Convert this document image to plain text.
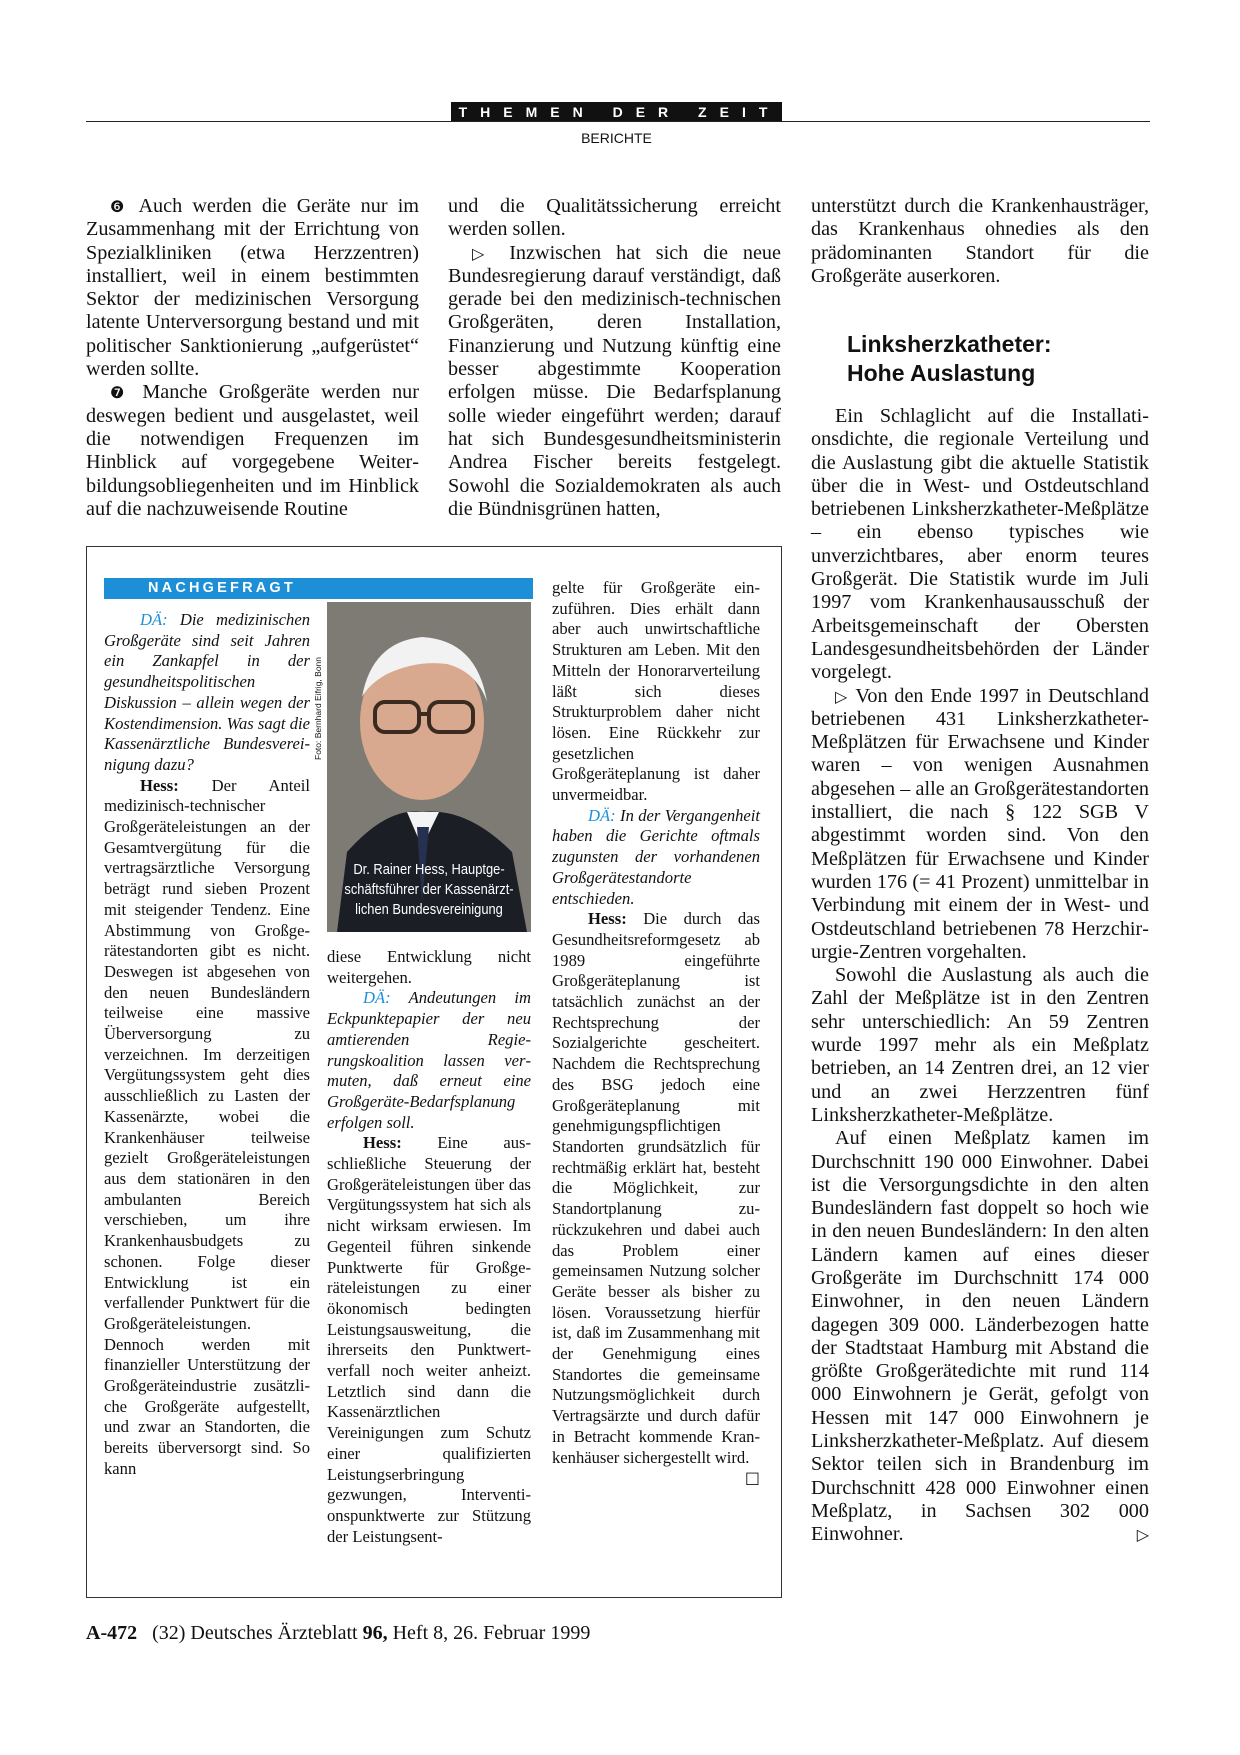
THEMEN DER ZEIT
BERICHTE

❻ Auch werden die Geräte nur im Zusammenhang mit der Errichtung von Spezialkliniken (etwa Herzzentren) installiert, weil in einem bestimmten Sektor der medizinischen Versorgung latente Unterversorgung bestand und mit politischer Sanktionierung „aufgerüstet“ werden sollte.

❼ Manche Großgeräte werden nur deswegen bedient und ausgelastet, weil die notwendigen Frequenzen im Hinblick auf vorgegebene Weiterbildungsobliegenheiten und im Hinblick auf die nachzuweisende Routine

und die Qualitätssicherung erreicht werden sollen.

▷ Inzwischen hat sich die neue Bundesregierung darauf verständigt, daß gerade bei den medizinisch-technischen Großgeräten, deren Installation, Finanzierung und Nutzung künftig eine besser abgestimmte Kooperation erfolgen müsse. Die Bedarfsplanung solle wieder eingeführt werden; darauf hat sich Bundesgesundheitsministerin Andrea Fischer bereits festgelegt. Sowohl die Sozialdemokraten als auch die Bündnisgrünen hatten,

unterstützt durch die Krankenhausträger, das Krankenhaus ohnedies als den prädominanten Standort für die Großgeräte auserkoren.

Linksherzkatheter:
Hohe Auslastung

Ein Schlaglicht auf die Installationsdichte, die regionale Verteilung und die Auslastung gibt die aktuelle Statistik über die in West- und Ostdeutschland betriebenen Linksherzkatheter-Meßplätze – ein ebenso typisches wie unverzichtbares, aber enorm teures Großgerät. Die Statistik wurde im Juli 1997 vom Krankenhausausschuß der Arbeitsgemeinschaft der Obersten Landesgesundheitsbehörden der Länder vorgelegt.

▷ Von den Ende 1997 in Deutschland betriebenen 431 Linksherzkatheter-Meßplätzen für Erwachsene und Kinder waren – von wenigen Ausnahmen abgesehen – alle an Großgerätestandorten installiert, die nach § 122 SGB V abgestimmt worden sind. Von den Meßplätzen für Erwachsene und Kinder wurden 176 (= 41 Prozent) unmittelbar in Verbindung mit einem der in West- und Ostdeutschland betriebenen 78 Herzchirurgie-Zentren vorgehalten.

Sowohl die Auslastung als auch die Zahl der Meßplätze ist in den Zentren sehr unterschiedlich: An 59 Zentren wurde 1997 mehr als ein Meßplatz betrieben, an 14 Zentren drei, an 12 vier und an zwei Herzzentren fünf Linksherzkatheter-Meßplätze.

Auf einen Meßplatz kamen im Durchschnitt 190 000 Einwohner. Dabei ist die Versorgungsdichte in den alten Bundesländern fast doppelt so hoch wie in den neuen Bundesländern: In den alten Ländern kamen auf eines dieser Großgeräte im Durchschnitt 174 000 Einwohner, in den neuen Ländern dagegen 309 000. Länderbezogen hatte der Stadtstaat Hamburg mit Abstand die größte Großgerätedichte mit rund 114 000 Einwohnern je Gerät, gefolgt von Hessen mit 147 000 Einwohnern je Linksherzkatheter-Meßplatz. Auf diesem Sektor teilen sich in Brandenburg im Durchschnitt 428 000 Einwohner einen Meßplatz, in Sachsen 302 000 Einwohner.	▷

NACHGEFRAGT
Dr. Rainer Hess, Hauptgeschäftsführer der Kassenärztlichen Bundesvereinigung
Foto: Bernhard Eifrig, Bonn

DÄ: Die medizinischen Großgeräte sind seit Jahren ein Zankapfel in der gesundheitspolitischen Diskussion – allein wegen der Kostendimension. Was sagt die Kassenärztliche Bundesvereinigung dazu?

Hess: Der Anteil medizinisch-technischer Großgeräteleistungen an der Gesamtvergütung für die vertragsärztliche Versorgung beträgt rund sieben Prozent mit steigender Tendenz. Eine Abstimmung von Großgerätestandorten gibt es nicht. Deswegen ist abgesehen von den neuen Bundesländern teilweise eine massive Überversorgung zu verzeichnen. Im derzeitigen Vergütungssystem geht dies ausschließlich zu Lasten der Kassenärzte, wobei die Krankenhäuser teilweise gezielt Großgeräteleistungen aus dem stationären in den ambulanten Bereich verschieben, um ihre Krankenhausbudgets zu schonen. Folge dieser Entwicklung ist ein verfallender Punktwert für die Großgeräteleistungen. Dennoch werden mit finanzieller Unterstützung der Großgeräteindustrie zusätzliche Großgeräte aufgestellt, und zwar an Standorten, die bereits überversorgt sind. So kann

diese Entwicklung nicht weitergehen.

DÄ: Andeutungen im Eckpunktepapier der neu amtierenden Regierungskoalition lassen vermuten, daß erneut eine Großgeräte-Bedarfsplanung erfolgen soll.

Hess: Eine ausschließliche Steuerung der Großgeräteleistungen über das Vergütungssystem hat sich als nicht wirksam erwiesen. Im Gegenteil führen sinkende Punktwerte für Großgeräteleistungen zu einer ökonomisch bedingten Leistungsausweitung, die ihrerseits den Punktwertverfall noch weiter anheizt. Letztlich sind dann die Kassenärztlichen Vereinigungen zum Schutz einer qualifizierten Leistungserbringung gezwungen, Interventionspunktwerte zur Stützung der Leistungsent-

gelte für Großgeräte einzuführen. Dies erhält dann aber auch unwirtschaftliche Strukturen am Leben. Mit den Mitteln der Honorarverteilung läßt sich dieses Strukturproblem daher nicht lösen. Eine Rückkehr zur gesetzlichen Großgeräteplanung ist daher unvermeidbar.

DÄ: In der Vergangenheit haben die Gerichte oftmals zugunsten der vorhandenen Großgerätestandorte entschieden.

Hess: Die durch das Gesundheitsreformgesetz ab 1989 eingeführte Großgeräteplanung ist tatsächlich zunächst an der Rechtsprechung der Sozialgerichte gescheitert. Nachdem die Rechtsprechung des BSG jedoch eine Großgeräteplanung mit genehmigungspflichtigen Standorten grundsätzlich für rechtmäßig erklärt hat, besteht die Möglichkeit, zur Standortplanung zurückzukehren und dabei auch das Problem einer gemeinsamen Nutzung solcher Geräte besser als bisher zu lösen. Voraussetzung hierfür ist, daß im Zusammenhang mit der Genehmigung eines Standortes die gemeinsame Nutzungsmöglichkeit durch Vertragsärzte und durch dafür in Betracht kommende Krankenhäuser sichergestellt wird.
□

A-472 (32) Deutsches Ärzteblatt 96, Heft 8, 26. Februar 1999
